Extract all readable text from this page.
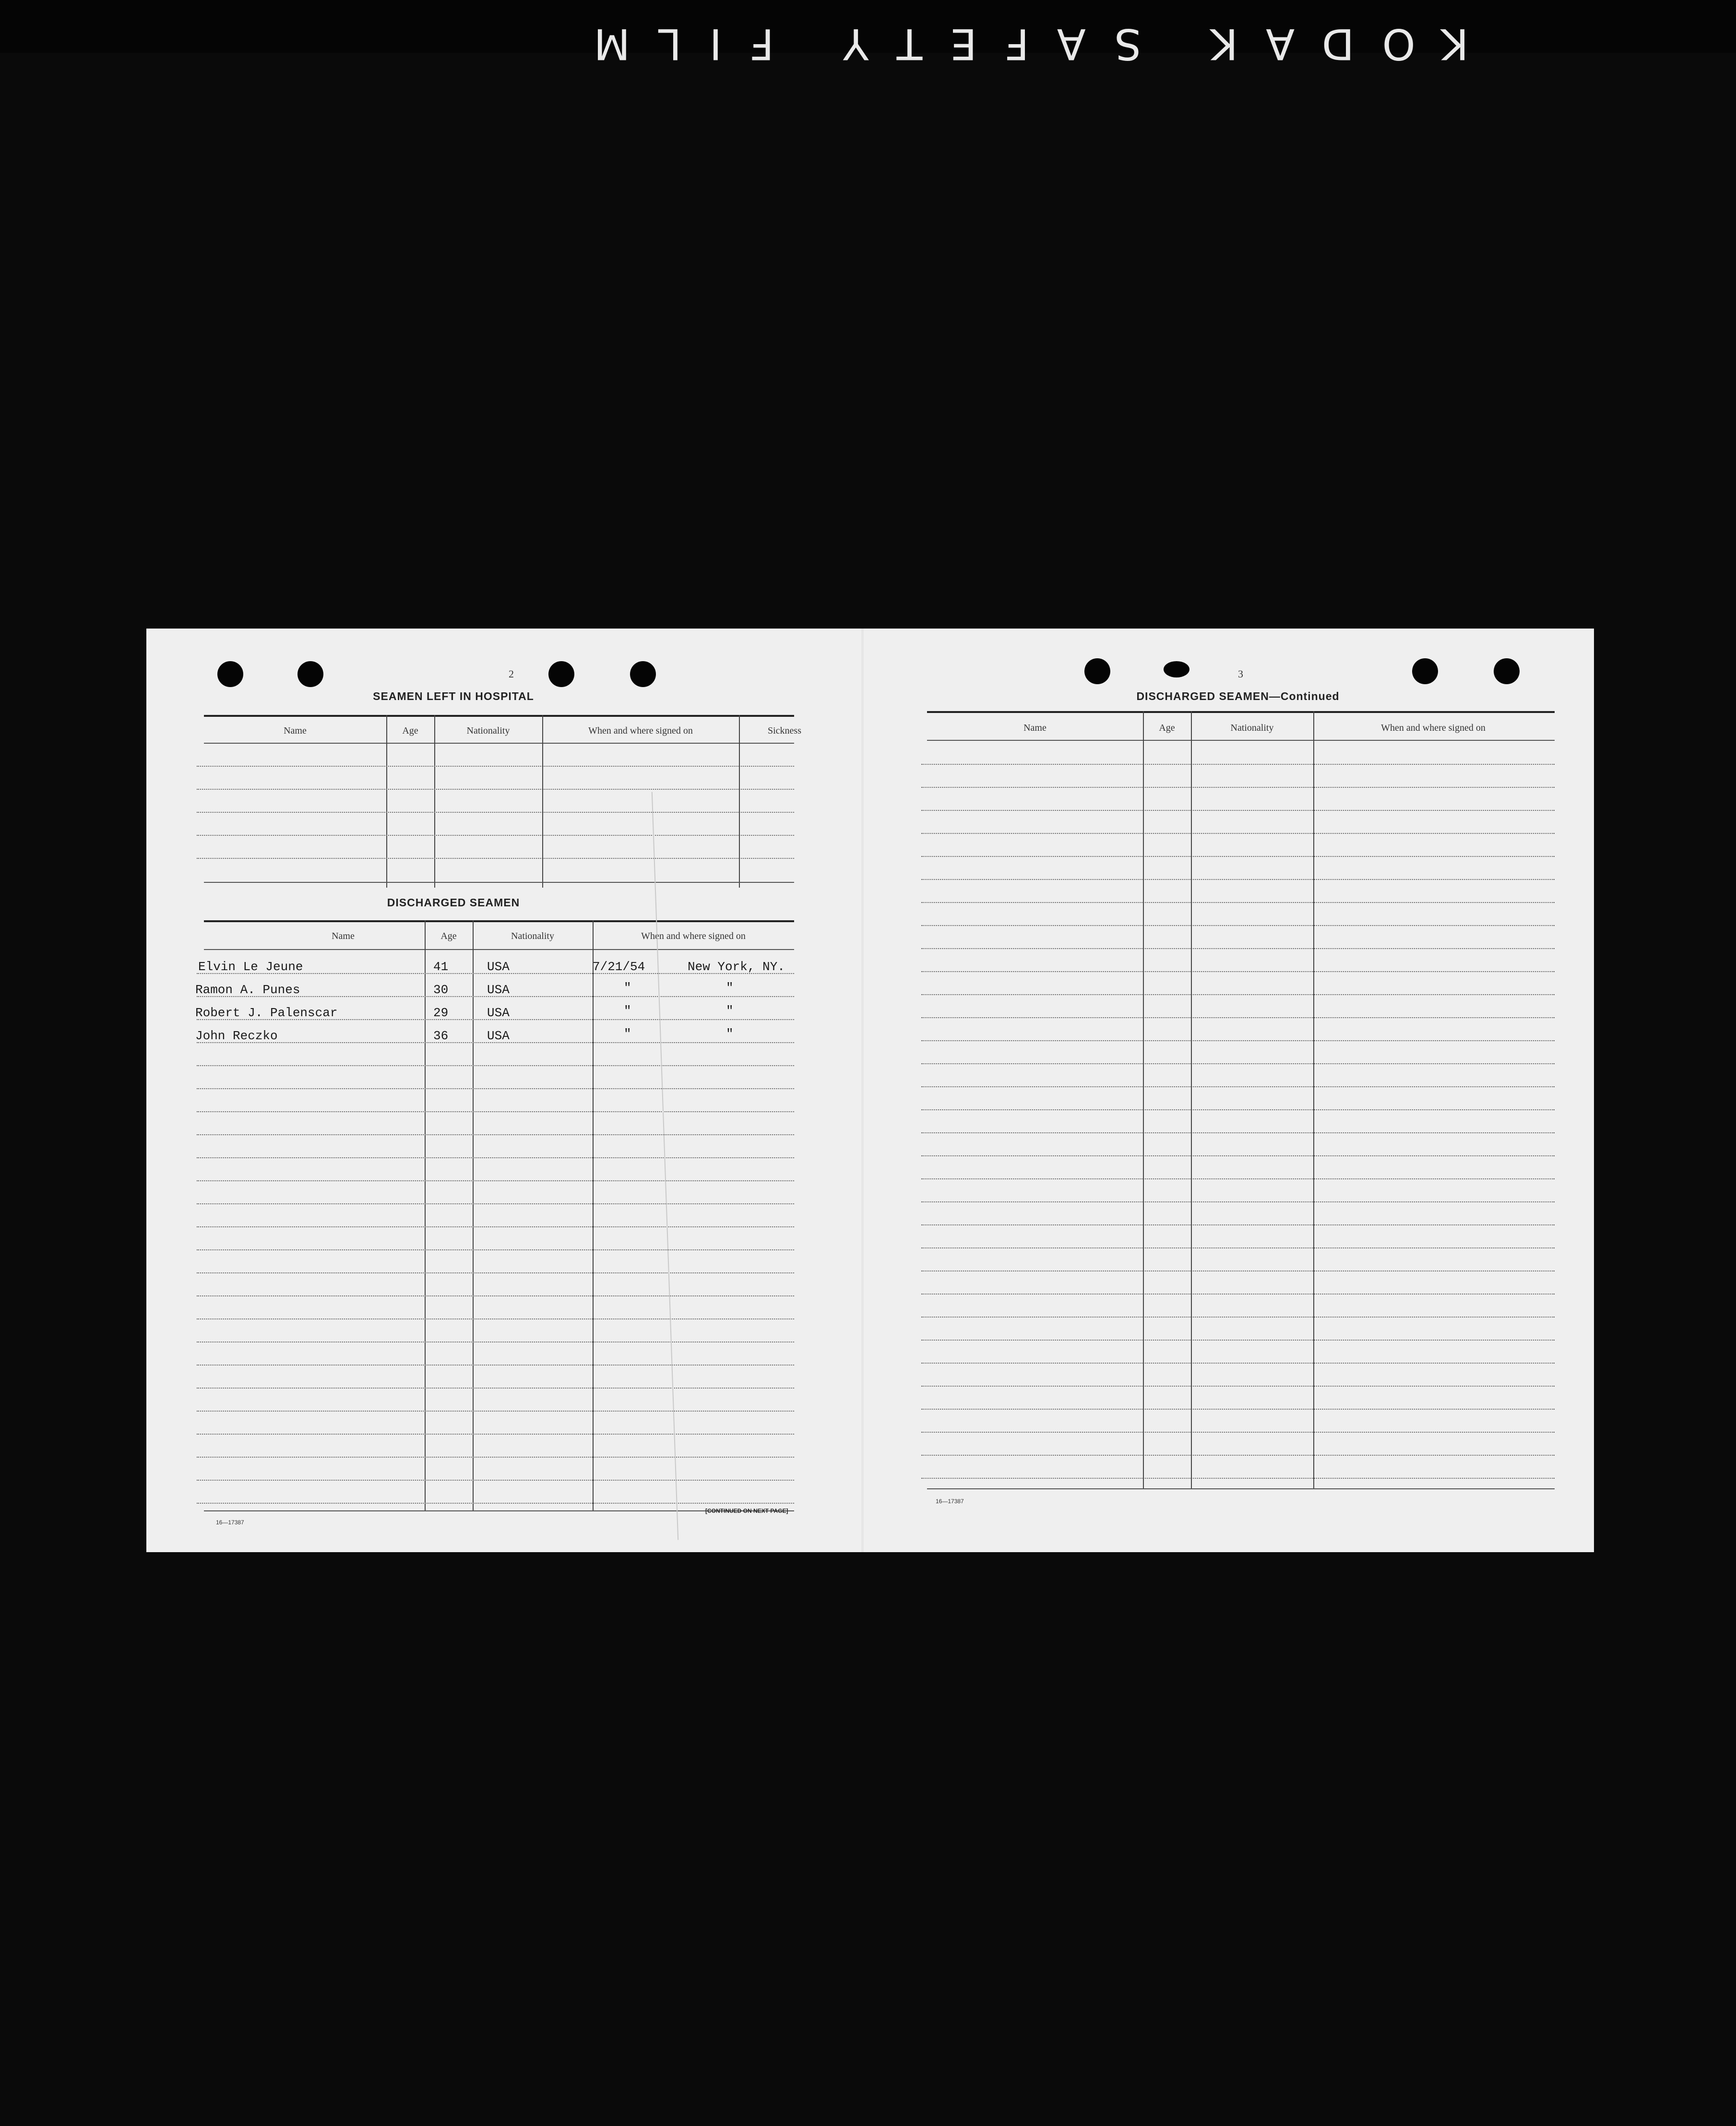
KODAK SAFETY FILM
2
SEAMEN LEFT IN HOSPITAL
Name	Age	Nationality	When and where signed on	Sickness
DISCHARGED SEAMEN
Name	Age	Nationality	When and where signed on
Elvin Le Jeune	41	USA	7/21/54	New York, NY.
Ramon A. Punes	30	USA	"	"
Robert J. Palenscar	29	USA	"	"
John Reczko	36	USA	"	"
16—17387
[CONTINUED ON NEXT PAGE]
3
DISCHARGED SEAMEN—Continued
Name	Age	Nationality	When and where signed on
16—17387
